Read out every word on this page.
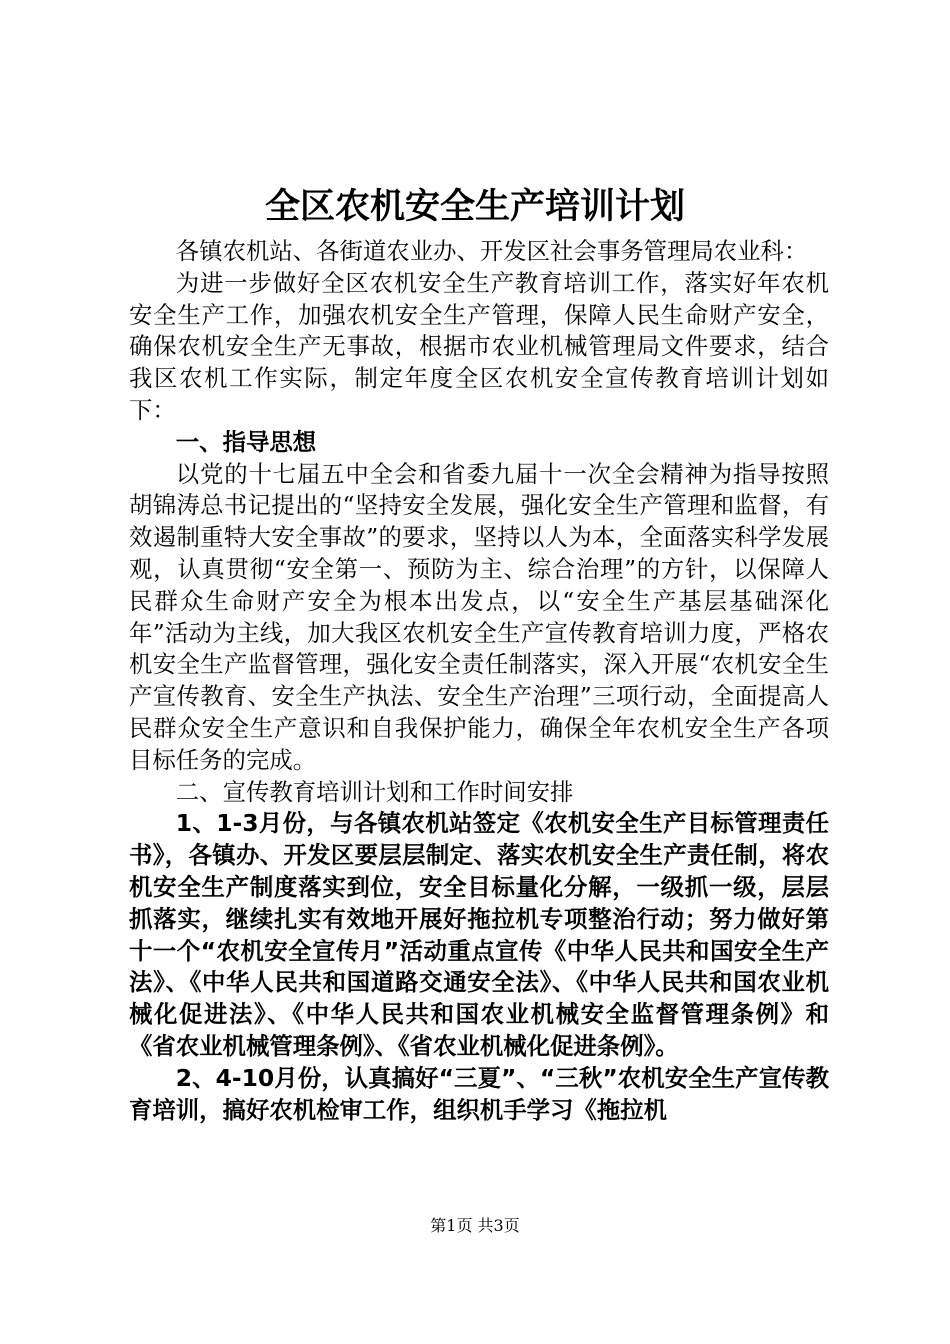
全区农机安全生产培训计划

各镇农机站、各街道农业办、开发区社会事务管理局农业科：

为进一步做好全区农机安全生产教育培训工作，落实好年农机安全生产工作，加强农机安全生产管理，保障人民生命财产安全，确保农机安全生产无事故，根据市农业机械管理局文件要求，结合我区农机工作实际，制定年度全区农机安全宣传教育培训计划如下：

一、指导思想

以党的十七届五中全会和省委九届十一次全会精神为指导按照胡锦涛总书记提出的“坚持安全发展，强化安全生产管理和监督，有效遏制重特大安全事故”的要求，坚持以人为本，全面落实科学发展观，认真贯彻“安全第一、预防为主、综合治理”的方针，以保障人民群众生命财产安全为根本出发点，以“安全生产基层基础深化年”活动为主线，加大我区农机安全生产宣传教育培训力度，严格农机安全生产监督管理，强化安全责任制落实，深入开展“农机安全生产宣传教育、安全生产执法、安全生产治理”三项行动，全面提高人民群众安全生产意识和自我保护能力，确保全年农机安全生产各项目标任务的完成。

二、宣传教育培训计划和工作时间安排

1、1-3月份，与各镇农机站签定《农机安全生产目标管理责任书》，各镇办、开发区要层层制定、落实农机安全生产责任制，将农机安全生产制度落实到位，安全目标量化分解，一级抓一级，层层抓落实，继续扎实有效地开展好拖拉机专项整治行动；努力做好第十一个“农机安全宣传月”活动重点宣传《中华人民共和国安全生产法》、《中华人民共和国道路交通安全法》、《中华人民共和国农业机械化促进法》、《中华人民共和国农业机械安全监督管理条例》和《省农业机械管理条例》、《省农业机械化促进条例》。

2、4-10月份，认真搞好“三夏”、“三秋”农机安全生产宣传教育培训，搞好农机检审工作，组织机手学习《拖拉机

第1页 共3页
